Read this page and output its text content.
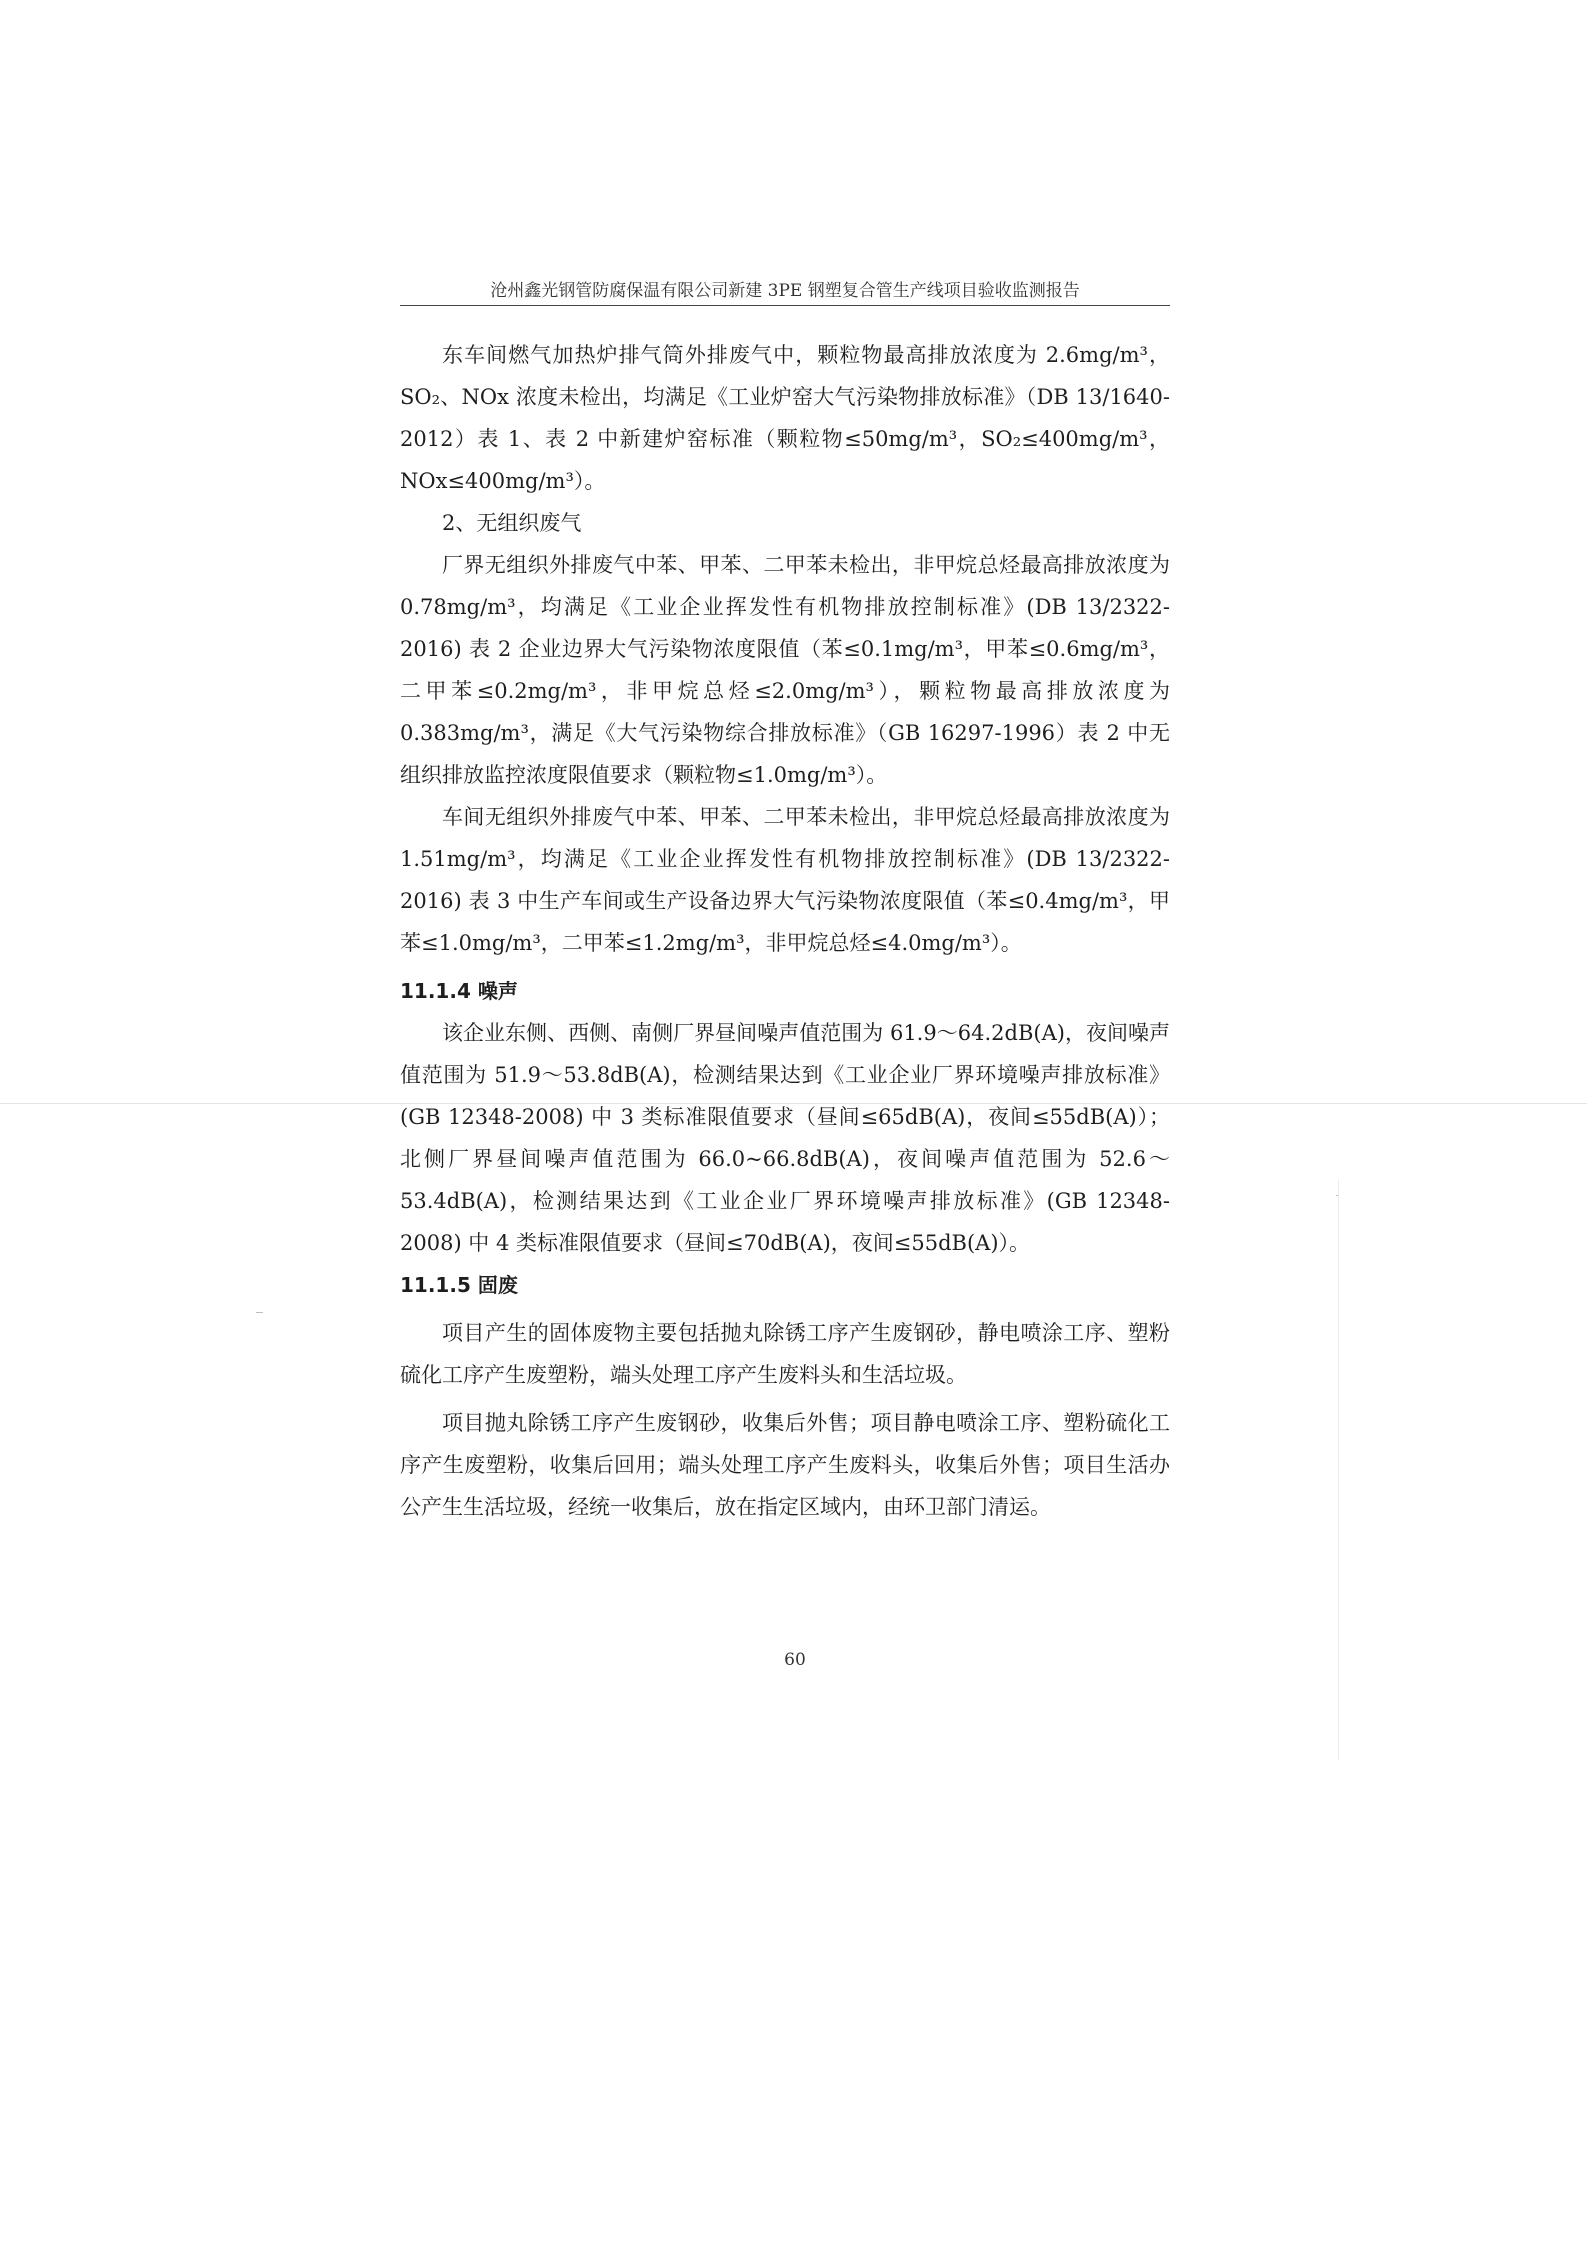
沧州鑫光钢管防腐保温有限公司新建 3PE 钢塑复合管生产线项目验收监测报告

东车间燃气加热炉排气筒外排废气中，颗粒物最高排放浓度为 2.6mg/m³，SO₂、NOx 浓度未检出，均满足《工业炉窑大气污染物排放标准》（DB 13/1640-2012）表 1、表 2 中新建炉窑标准（颗粒物≤50mg/m³，SO₂≤400mg/m³，NOx≤400mg/m³）。

2、无组织废气

厂界无组织外排废气中苯、甲苯、二甲苯未检出，非甲烷总烃最高排放浓度为 0.78mg/m³，均满足《工业企业挥发性有机物排放控制标准》(DB 13/2322-2016) 表 2 企业边界大气污染物浓度限值（苯≤0.1mg/m³，甲苯≤0.6mg/m³，二甲苯≤0.2mg/m³，非甲烷总烃≤2.0mg/m³），颗粒物最高排放浓度为 0.383mg/m³，满足《大气污染物综合排放标准》（GB 16297-1996）表 2 中无组织排放监控浓度限值要求（颗粒物≤1.0mg/m³）。

车间无组织外排废气中苯、甲苯、二甲苯未检出，非甲烷总烃最高排放浓度为 1.51mg/m³，均满足《工业企业挥发性有机物排放控制标准》(DB 13/2322-2016) 表 3 中生产车间或生产设备边界大气污染物浓度限值（苯≤0.4mg/m³，甲苯≤1.0mg/m³，二甲苯≤1.2mg/m³，非甲烷总烃≤4.0mg/m³）。

11.1.4 噪声

该企业东侧、西侧、南侧厂界昼间噪声值范围为 61.9～64.2dB(A)，夜间噪声值范围为 51.9～53.8dB(A)，检测结果达到《工业企业厂界环境噪声排放标准》(GB 12348-2008) 中 3 类标准限值要求（昼间≤65dB(A)，夜间≤55dB(A)）；北侧厂界昼间噪声值范围为 66.0~66.8dB(A)，夜间噪声值范围为 52.6～53.4dB(A)，检测结果达到《工业企业厂界环境噪声排放标准》(GB 12348-2008) 中 4 类标准限值要求（昼间≤70dB(A)，夜间≤55dB(A)）。

11.1.5 固废

项目产生的固体废物主要包括抛丸除锈工序产生废钢砂，静电喷涂工序、塑粉硫化工序产生废塑粉，端头处理工序产生废料头和生活垃圾。

项目抛丸除锈工序产生废钢砂，收集后外售；项目静电喷涂工序、塑粉硫化工序产生废塑粉，收集后回用；端头处理工序产生废料头，收集后外售；项目生活办公产生生活垃圾，经统一收集后，放在指定区域内，由环卫部门清运。

60
